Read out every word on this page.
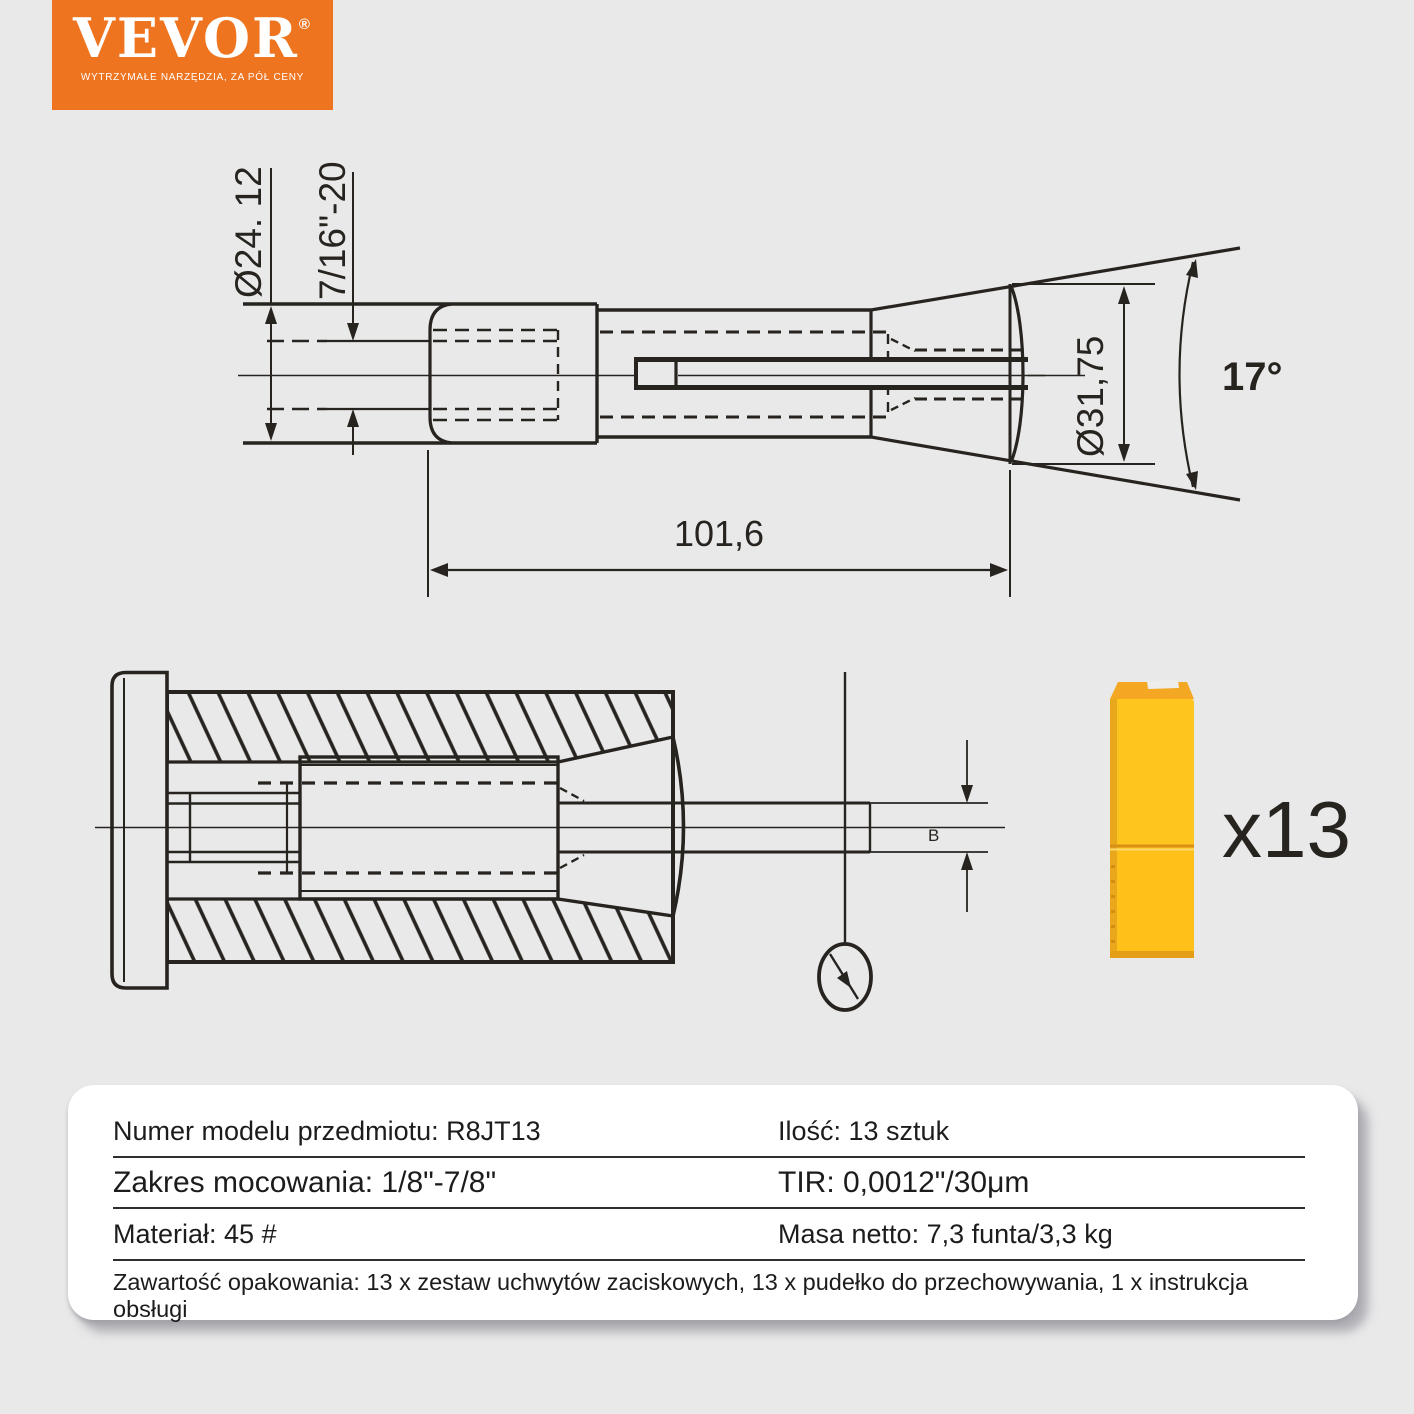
VEVOR®
WYTRZYMAŁE NARZĘDZIA, ZA PÓŁ CENY
Ø24. 12 7/16"-20
Ø31,75	17°
101,6
B	x13
Numer modelu przedmiotu: R8JT13	Ilość: 13 sztuk
Zakres mocowania: 1/8"-7/8"	TIR: 0,0012"/30μm
Materiał: 45 #	Masa netto: 7,3 funta/3,3 kg
Zawartość opakowania: 13 x zestaw uchwytów zaciskowych, 13 x pudełko do przechowywania, 1 x instrukcja obsługi
